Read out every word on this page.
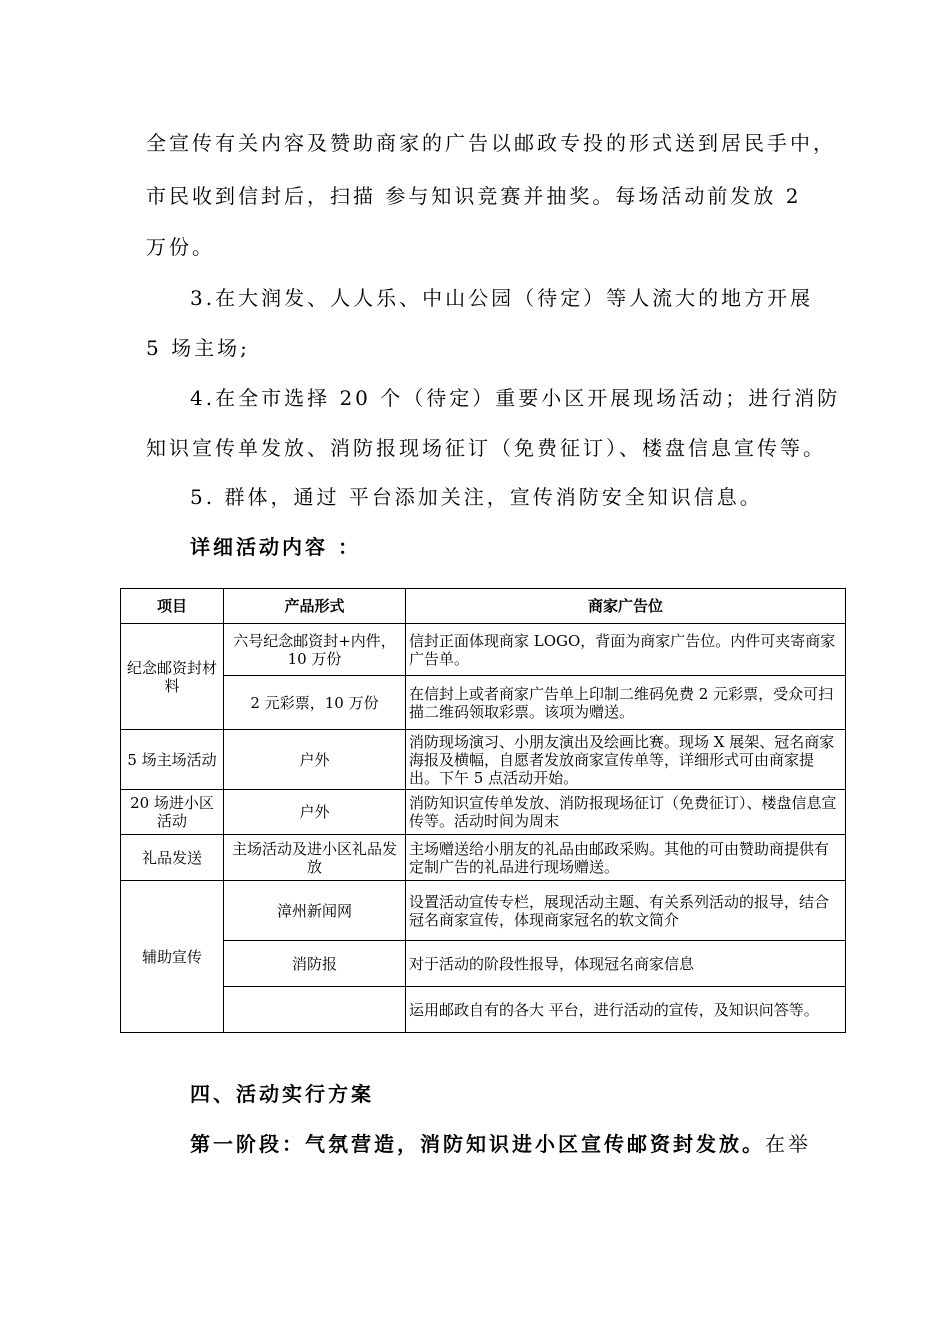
全宣传有关内容及赞助商家的广告以邮政专投的形式送到居民手中，
市民收到信封后，扫描 参与知识竞赛并抽奖。每场活动前发放 2
万份。
3.在大润发、人人乐、中山公园（待定）等人流大的地方开展
5 场主场;
4.在全市选择 20 个（待定）重要小区开展现场活动；进行消防
知识宣传单发放、消防报现场征订（免费征订）、楼盘信息宣传等。
5. 群体，通过 平台添加关注，宣传消防安全知识信息。
详细活动内容 ：
项目	产品形式	商家广告位
纪念邮资封材料	六号纪念邮资封+内件，10 万份	信封正面体现商家 LOGO，背面为商家广告位。内件可夹寄商家广告单。
	2 元彩票，10 万份	在信封上或者商家广告单上印制二维码免费 2 元彩票，受众可扫描二维码领取彩票。该项为赠送。
5 场主场活动	户外	消防现场演习、小朋友演出及绘画比赛。现场 X 展架、冠名商家海报及横幅，自愿者发放商家宣传单等，详细形式可由商家提出。下午 5 点活动开始。
20 场进小区活动	户外	消防知识宣传单发放、消防报现场征订（免费征订）、楼盘信息宣传等。活动时间为周末
礼品发送	主场活动及进小区礼品发放	主场赠送给小朋友的礼品由邮政采购。其他的可由赞助商提供有定制广告的礼品进行现场赠送。
辅助宣传	漳州新闻网	设置活动宣传专栏，展现活动主题、有关系列活动的报导，结合冠名商家宣传，体现商家冠名的软文简介
	消防报	对于活动的阶段性报导，体现冠名商家信息
		运用邮政自有的各大 平台，进行活动的宣传，及知识问答等。
四、活动实行方案
第一阶段：气氛营造，消防知识进小区宣传邮资封发放。在举
